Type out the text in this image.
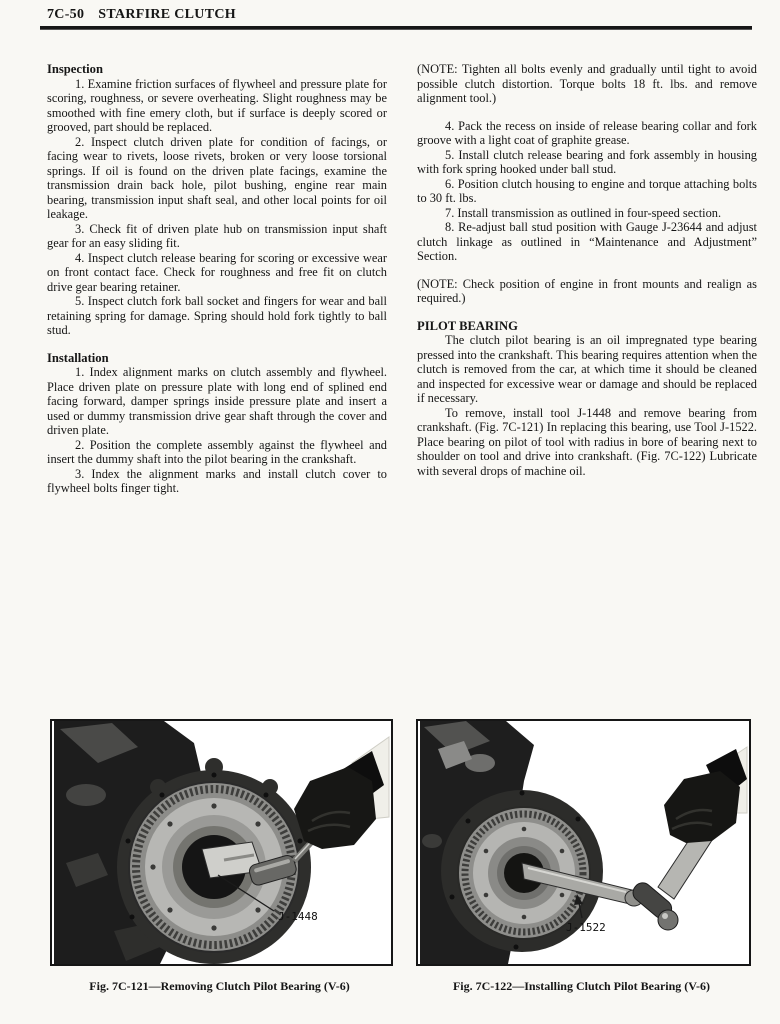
7C-50 STARFIRE CLUTCH
Inspection

1. Examine friction surfaces of flywheel and pressure plate for scoring, roughness, or severe overheating. Slight roughness may be smoothed with fine emery cloth, but if surface is deeply scored or grooved, part should be replaced.

2. Inspect clutch driven plate for condition of facings, or facing wear to rivets, loose rivets, broken or very loose torsional springs. If oil is found on the driven plate facings, examine the transmission drain back hole, pilot bushing, engine rear main bearing, transmission input shaft seal, and other local points for oil leakage.

3. Check fit of driven plate hub on transmission input shaft gear for an easy sliding fit.

4. Inspect clutch release bearing for scoring or excessive wear on front contact face. Check for roughness and free fit on clutch drive gear bearing retainer.

5. Inspect clutch fork ball socket and fingers for wear and ball retaining spring for damage. Spring should hold fork tightly to ball stud.

Installation

1. Index alignment marks on clutch assembly and flywheel. Place driven plate on pressure plate with long end of splined end facing forward, damper springs inside pressure plate and insert a used or dummy transmission drive gear shaft through the cover and driven plate.

2. Position the complete assembly against the flywheel and insert the dummy shaft into the pilot bearing in the crankshaft.

3. Index the alignment marks and install clutch cover to flywheel bolts finger tight.

(NOTE: Tighten all bolts evenly and gradually until tight to avoid possible clutch distortion. Torque bolts 18 ft. lbs. and remove alignment tool.)

4. Pack the recess on inside of release bearing collar and fork groove with a light coat of graphite grease.

5. Install clutch release bearing and fork assembly in housing with fork spring hooked under ball stud.

6. Position clutch housing to engine and torque attaching bolts to 30 ft. lbs.

7. Install transmission as outlined in four-speed section.

8. Re-adjust ball stud position with Gauge J-23644 and adjust clutch linkage as outlined in “Maintenance and Adjustment” Section.

(NOTE: Check position of engine in front mounts and realign as required.)

PILOT BEARING

The clutch pilot bearing is an oil impregnated type bearing pressed into the crankshaft. This bearing requires attention when the clutch is removed from the car, at which time it should be cleaned and inspected for excessive wear or damage and should be replaced if necessary.

To remove, install tool J-1448 and remove bearing from crankshaft. (Fig. 7C-121) In replacing this bearing, use Tool J-1522. Place bearing on pilot of tool with radius in bore of bearing next to shoulder on tool and drive into crankshaft. (Fig. 7C-122) Lubricate with several drops of machine oil.

J-1448
Fig. 7C-121—Removing Clutch Pilot Bearing (V-6)
J-1522
Fig. 7C-122—Installing Clutch Pilot Bearing (V-6)
